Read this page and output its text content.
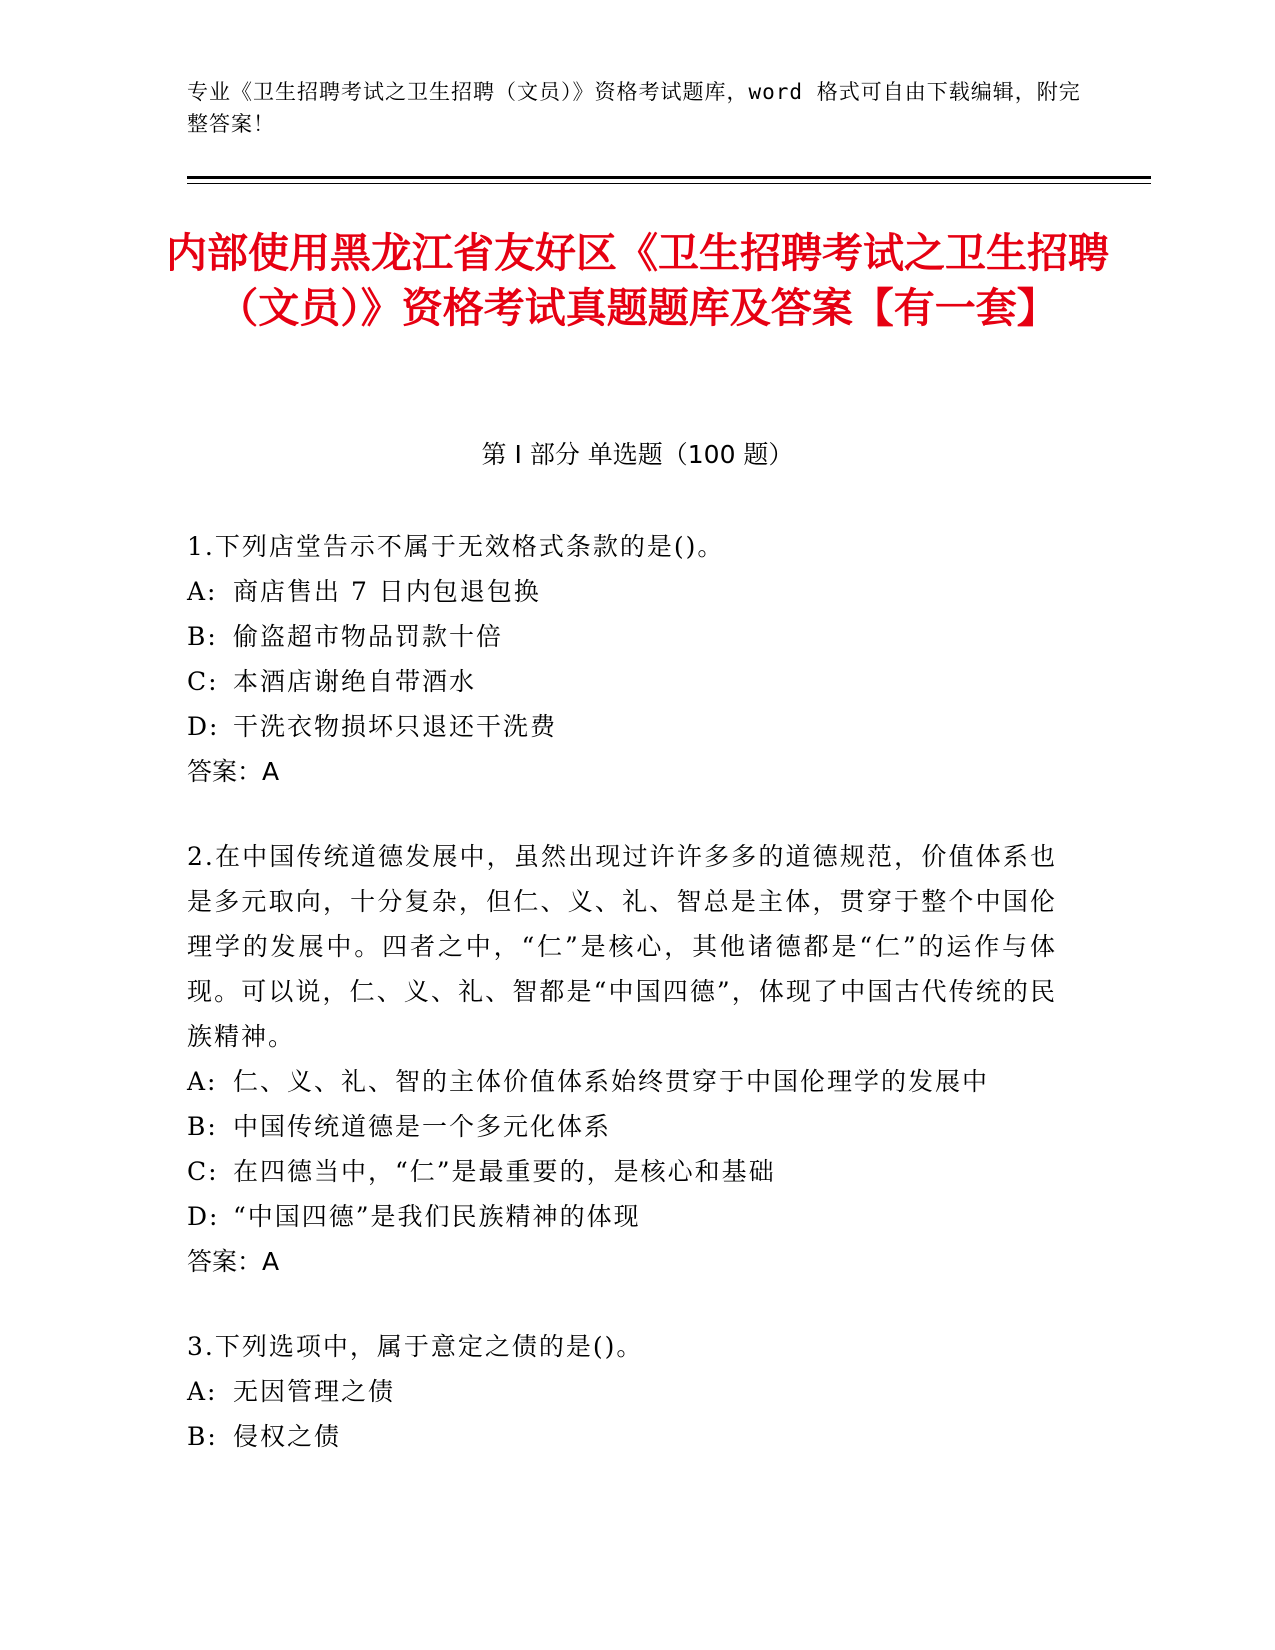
专业《卫生招聘考试之卫生招聘（文员）》资格考试题库，word 格式可自由下载编辑，附完整答案！
内部使用黑龙江省友好区《卫生招聘考试之卫生招聘（文员）》资格考试真题题库及答案【有一套】
第 I 部分 单选题（100 题）
1.下列店堂告示不属于无效格式条款的是()。
A: 商店售出 7 日内包退包换
B: 偷盗超市物品罚款十倍
C: 本酒店谢绝自带酒水
D: 干洗衣物损坏只退还干洗费
答案：A
2.在中国传统道德发展中，虽然出现过许许多多的道德规范，价值体系也是多元取向，十分复杂，但仁、义、礼、智总是主体，贯穿于整个中国伦理学的发展中。四者之中，“仁”是核心，其他诸德都是“仁”的运作与体现。可以说，仁、义、礼、智都是“中国四德”，体现了中国古代传统的民族精神。
A: 仁、义、礼、智的主体价值体系始终贯穿于中国伦理学的发展中
B: 中国传统道德是一个多元化体系
C: 在四德当中，“仁”是最重要的，是核心和基础
D: “中国四德”是我们民族精神的体现
答案：A
3.下列选项中，属于意定之债的是()。
A: 无因管理之债
B: 侵权之债
